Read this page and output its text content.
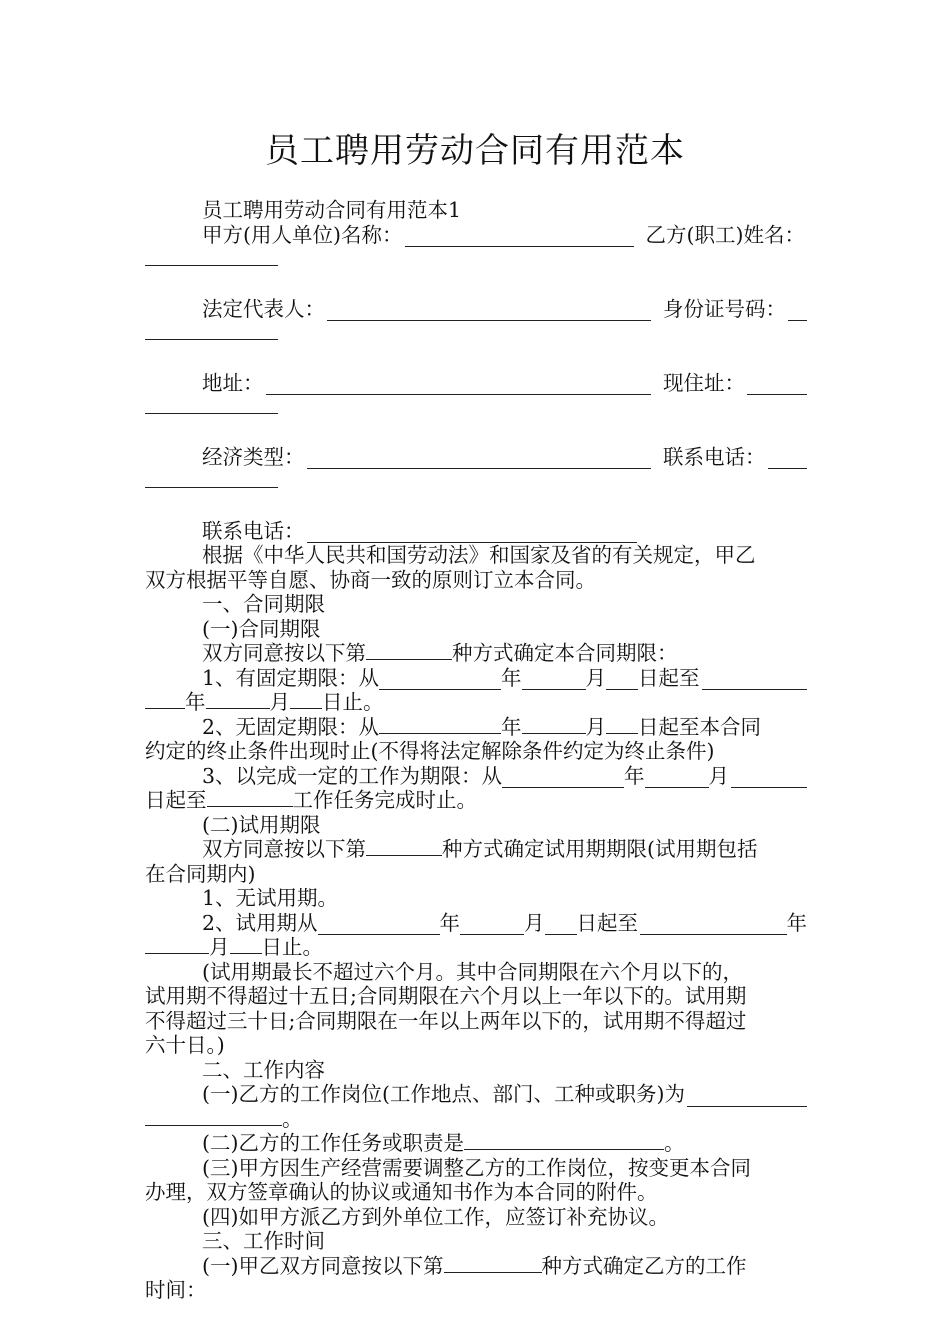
员工聘用劳动合同有用范本
员工聘用劳动合同有用范本1
甲方(用人单位)名称：	乙方(职工)姓名：
法定代表人：	身份证号码：
地址：	现住址：
经济类型：	联系电话：
联系电话：
根据《中华人民共和国劳动法》和国家及省的有关规定，甲乙
双方根据平等自愿、协商一致的原则订立本合同。
一、合同期限
(一)合同期限
双方同意按以下第	种方式确定本合同期限：
1、有固定期限：从	年	月 日起至
年	月 日止。
2、无固定期限：从	年	月 日起至本合同
约定的终止条件出现时止(不得将法定解除条件约定为终止条件)
3、以完成一定的工作为期限：从	年	月
日起至	工作任务完成时止。
(二)试用期限
双方同意按以下第	种方式确定试用期期限(试用期包括
在合同期内)
1、无试用期。
2、试用期从	年	月 日起至	年
月 日止。
(试用期最长不超过六个月。其中合同期限在六个月以下的，
试用期不得超过十五日;合同期限在六个月以上一年以下的。试用期
不得超过三十日;合同期限在一年以上两年以下的，试用期不得超过
六十日。)
二、工作内容
(一)乙方的工作岗位(工作地点、部门、工种或职务)为
。
(二)乙方的工作任务或职责是	。
(三)甲方因生产经营需要调整乙方的工作岗位，按变更本合同
办理，双方签章确认的协议或通知书作为本合同的附件。
(四)如甲方派乙方到外单位工作，应签订补充协议。
三、工作时间
(一)甲乙双方同意按以下第	种方式确定乙方的工作
时间：
